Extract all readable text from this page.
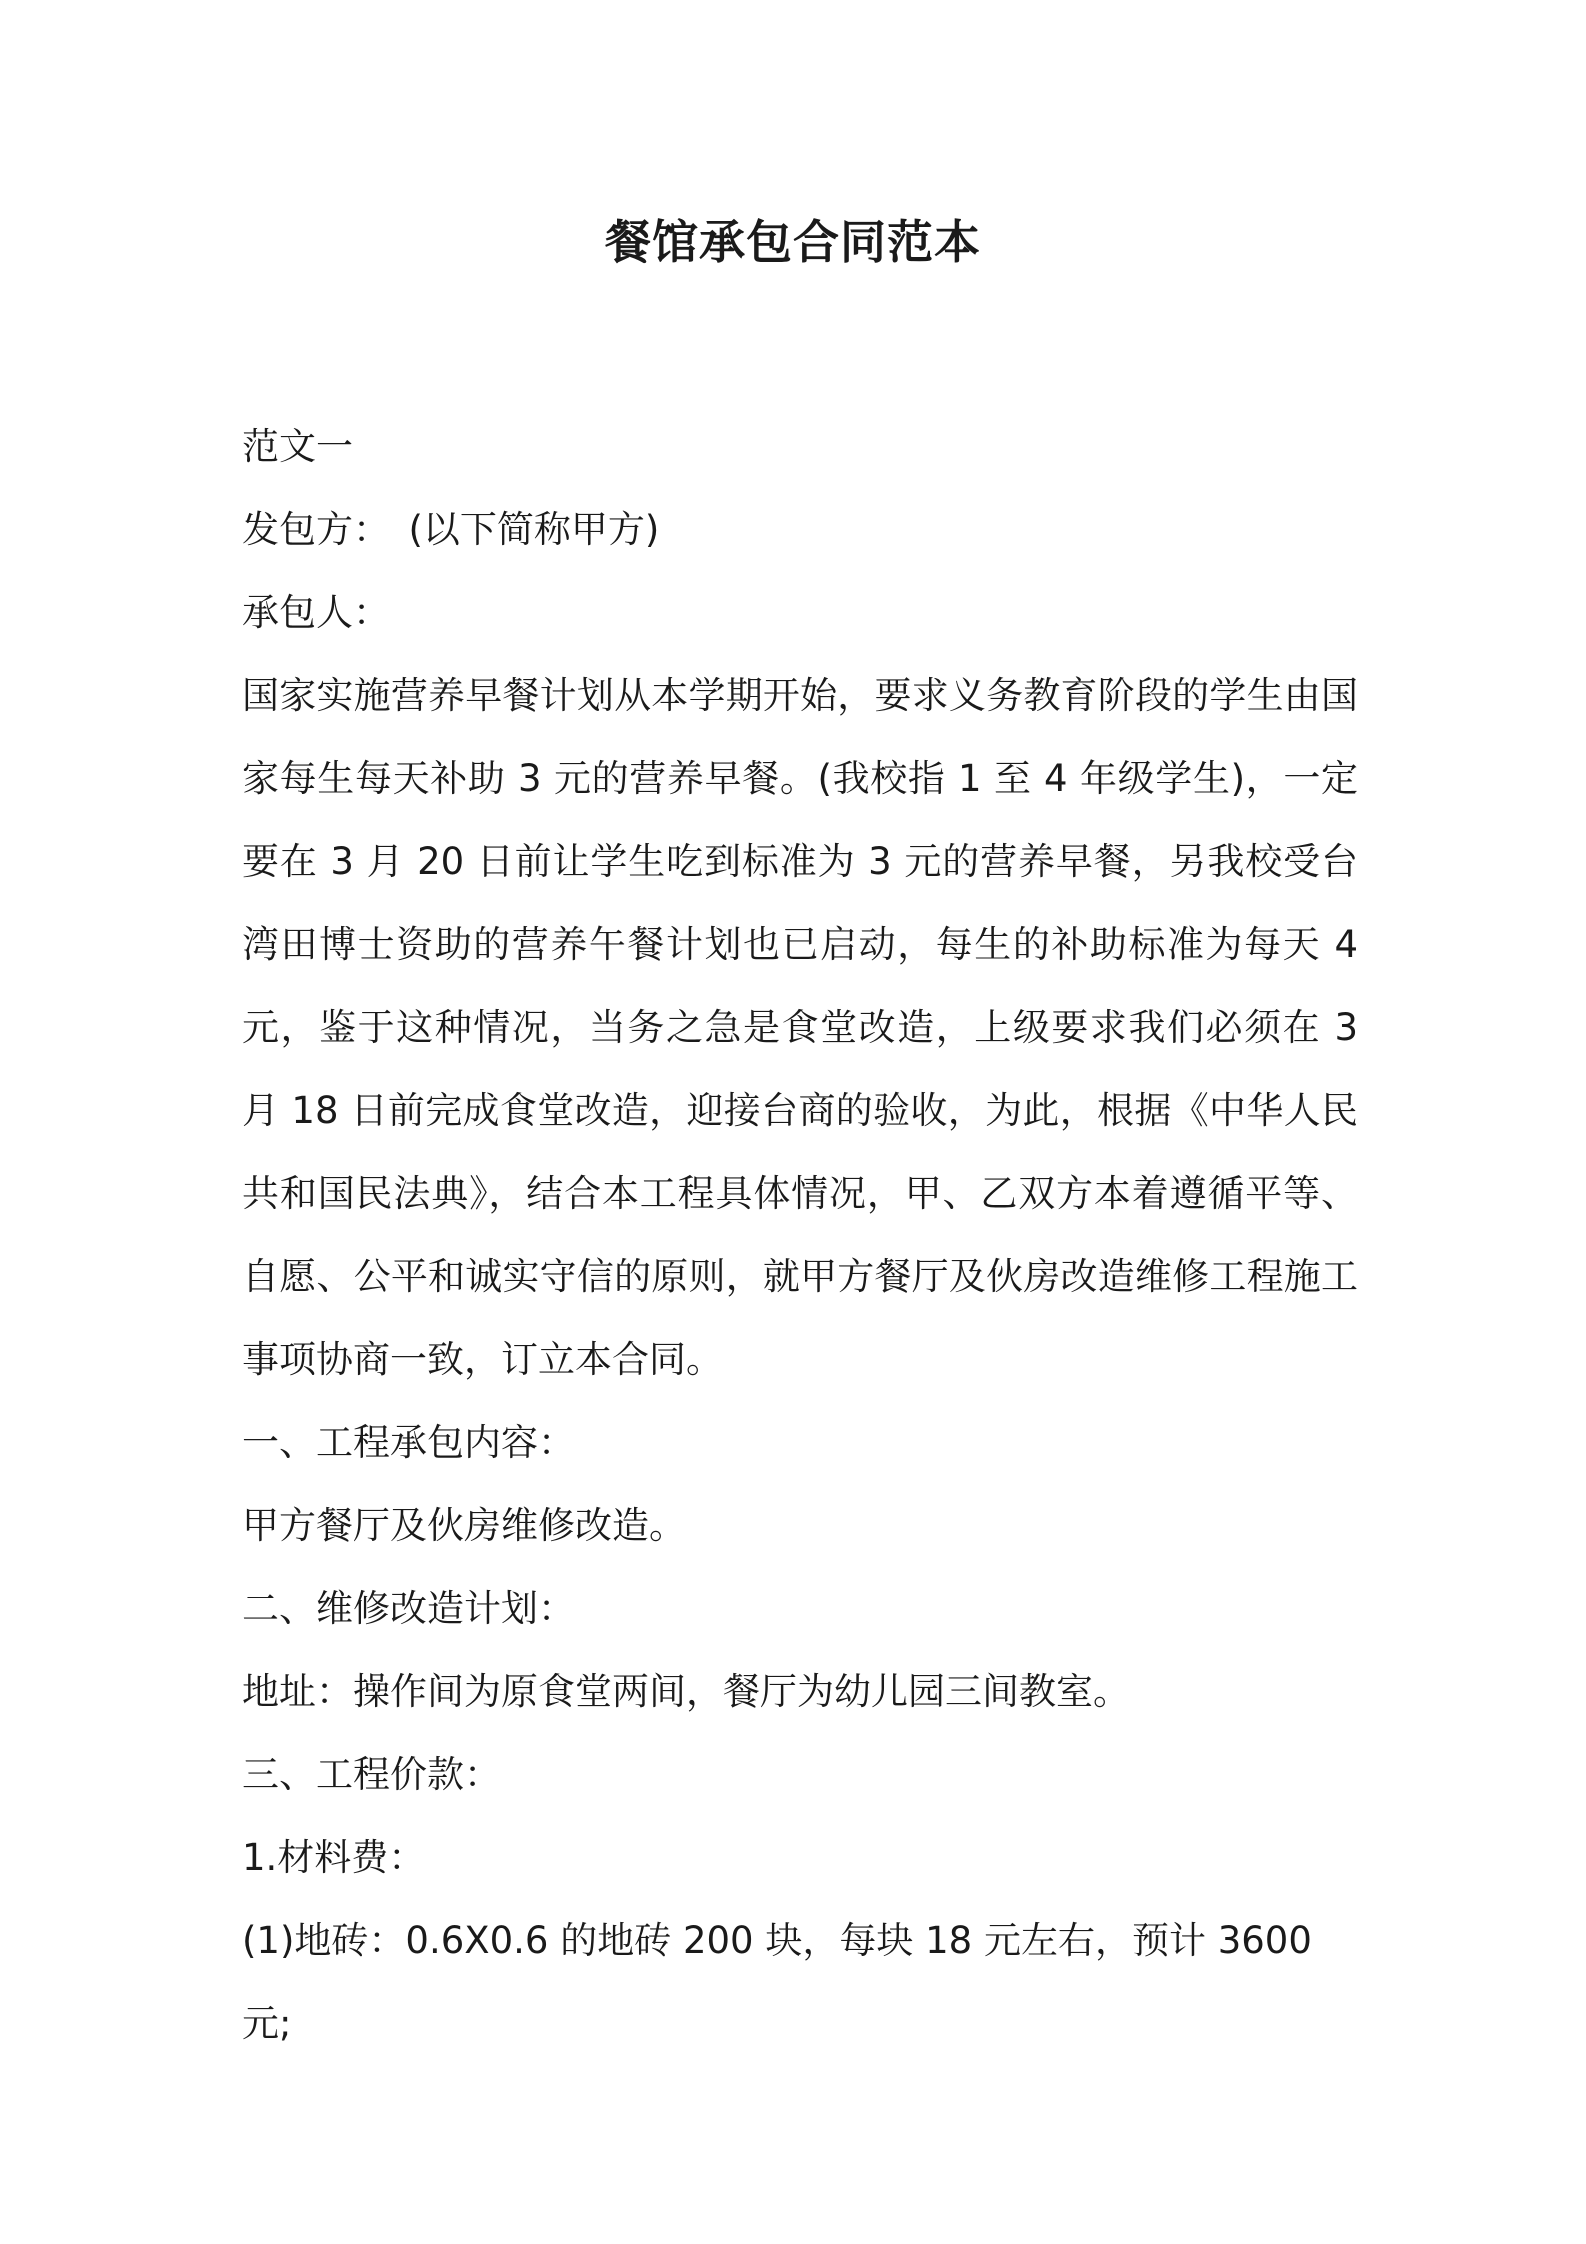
餐馆承包合同范本

范文一

发包方：　(以下简称甲方)

承包人：

国家实施营养早餐计划从本学期开始，要求义务教育阶段的学生由国家每生每天补助 3 元的营养早餐。(我校指 1 至 4 年级学生)，一定要在 3 月 20 日前让学生吃到标准为 3 元的营养早餐，另我校受台湾田博士资助的营养午餐计划也已启动，每生的补助标准为每天 4 元，鉴于这种情况，当务之急是食堂改造，上级要求我们必须在 3 月 18 日前完成食堂改造，迎接台商的验收，为此，根据《中华人民共和国民法典》，结合本工程具体情况，甲、乙双方本着遵循平等、自愿、公平和诚实守信的原则，就甲方餐厅及伙房改造维修工程施工事项协商一致，订立本合同。

一、工程承包内容：

甲方餐厅及伙房维修改造。

二、维修改造计划：

地址：操作间为原食堂两间，餐厅为幼儿园三间教室。

三、工程价款：

1.材料费：

(1)地砖：0.6X0.6 的地砖 200 块，每块 18 元左右，预计 3600 元;
